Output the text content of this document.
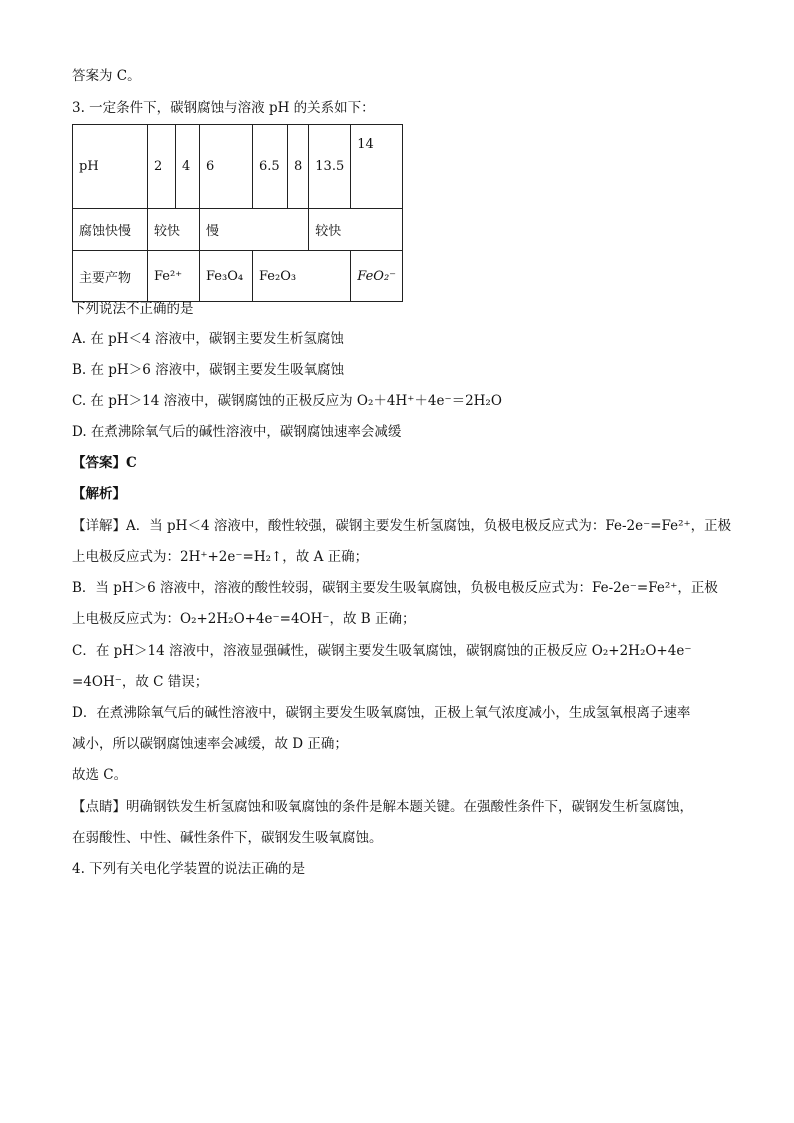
答案为 C。
3. 一定条件下，碳钢腐蚀与溶液 pH 的关系如下：
pH	2	4	6	6.5	8	13.5	14
腐蚀快慢	较快		慢			较快	
主要产物	Fe²⁺		Fe₃O₄	Fe₂O₃			FeO₂⁻
下列说法不正确的是
A. 在 pH＜4 溶液中，碳钢主要发生析氢腐蚀
B. 在 pH＞6 溶液中，碳钢主要发生吸氧腐蚀
C. 在 pH＞14 溶液中，碳钢腐蚀的正极反应为 O₂＋4H⁺＋4e⁻＝2H₂O
D. 在煮沸除氧气后的碱性溶液中，碳钢腐蚀速率会减缓
【答案】C
【解析】
【详解】A．当 pH＜4 溶液中，酸性较强，碳钢主要发生析氢腐蚀，负极电极反应式为：Fe-2e⁻=Fe²⁺，正极
上电极反应式为：2H⁺+2e⁻=H₂↑，故 A 正确；
B．当 pH＞6 溶液中，溶液的酸性较弱，碳钢主要发生吸氧腐蚀，负极电极反应式为：Fe-2e⁻=Fe²⁺，正极
上电极反应式为：O₂+2H₂O+4e⁻=4OH⁻，故 B 正确；
C．在 pH＞14 溶液中，溶液显强碱性，碳钢主要发生吸氧腐蚀，碳钢腐蚀的正极反应 O₂+2H₂O+4e⁻
=4OH⁻，故 C 错误；
D．在煮沸除氧气后的碱性溶液中，碳钢主要发生吸氧腐蚀，正极上氧气浓度减小，生成氢氧根离子速率
减小，所以碳钢腐蚀速率会减缓，故 D 正确；
故选 C。
【点睛】明确钢铁发生析氢腐蚀和吸氧腐蚀的条件是解本题关键。在强酸性条件下，碳钢发生析氢腐蚀，
在弱酸性、中性、碱性条件下，碳钢发生吸氧腐蚀。
4. 下列有关电化学装置的说法正确的是
